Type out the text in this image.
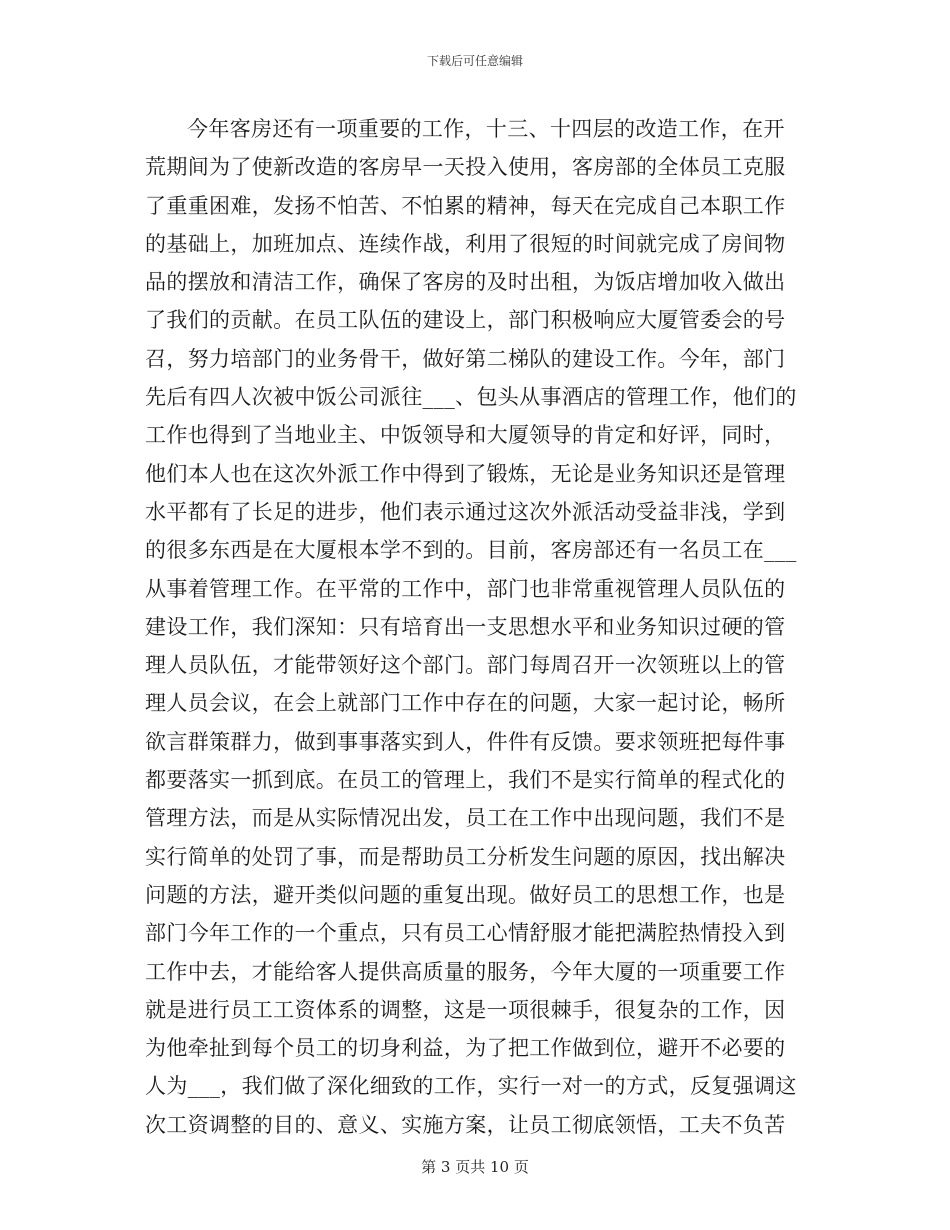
下载后可任意编辑
今年客房还有一项重要的工作，十三、十四层的改造工作，在开
荒期间为了使新改造的客房早一天投入使用，客房部的全体员工克服
了重重困难，发扬不怕苦、不怕累的精神，每天在完成自己本职工作
的基础上，加班加点、连续作战，利用了很短的时间就完成了房间物
品的摆放和清洁工作，确保了客房的及时出租，为饭店增加收入做出
了我们的贡献。在员工队伍的建设上，部门积极响应大厦管委会的号
召，努力培部门的业务骨干，做好第二梯队的建设工作。今年，部门
先后有四人次被中饭公司派往___、包头从事酒店的管理工作，他们的
工作也得到了当地业主、中饭领导和大厦领导的肯定和好评，同时，
他们本人也在这次外派工作中得到了锻炼，无论是业务知识还是管理
水平都有了长足的进步，他们表示通过这次外派活动受益非浅，学到
的很多东西是在大厦根本学不到的。目前，客房部还有一名员工在___
从事着管理工作。在平常的工作中，部门也非常重视管理人员队伍的
建设工作，我们深知：只有培育出一支思想水平和业务知识过硬的管
理人员队伍，才能带领好这个部门。部门每周召开一次领班以上的管
理人员会议，在会上就部门工作中存在的问题，大家一起讨论，畅所
欲言群策群力，做到事事落实到人，件件有反馈。要求领班把每件事
都要落实一抓到底。在员工的管理上，我们不是实行简单的程式化的
管理方法，而是从实际情况出发，员工在工作中出现问题，我们不是
实行简单的处罚了事，而是帮助员工分析发生问题的原因，找出解决
问题的方法，避开类似问题的重复出现。做好员工的思想工作，也是
部门今年工作的一个重点，只有员工心情舒服才能把满腔热情投入到
工作中去，才能给客人提供高质量的服务，今年大厦的一项重要工作
就是进行员工工资体系的调整，这是一项很棘手，很复杂的工作，因
为他牵扯到每个员工的切身利益，为了把工作做到位，避开不必要的
人为___，我们做了深化细致的工作，实行一对一的方式，反复强调这
次工资调整的目的、意义、实施方案，让员工彻底领悟，工夫不负苦
第 3 页共 10 页
